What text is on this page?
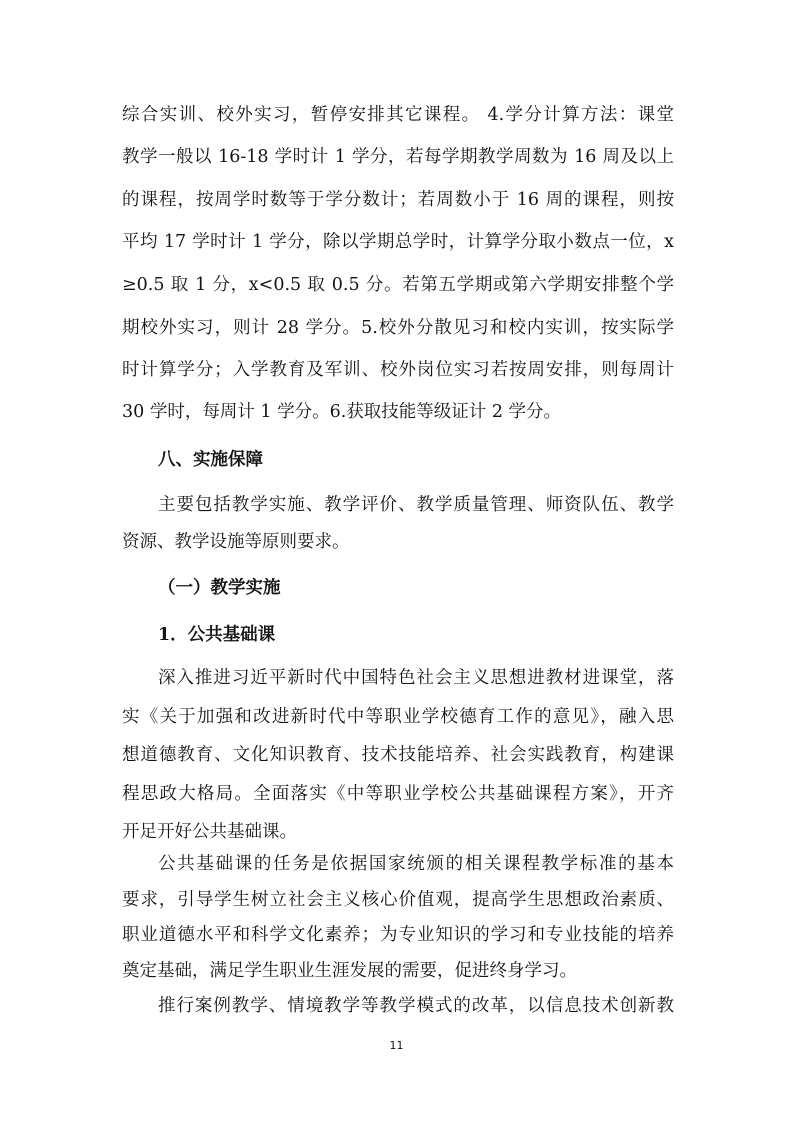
综合实训、校外实习，暂停安排其它课程。 4.学分计算方法：课堂
教学一般以 16-18 学时计 1 学分，若每学期教学周数为 16 周及以上
的课程，按周学时数等于学分数计；若周数小于 16 周的课程，则按
平均 17 学时计 1 学分，除以学期总学时，计算学分取小数点一位，x
≥0.5 取 1 分，x<0.5 取 0.5 分。若第五学期或第六学期安排整个学
期校外实习，则计 28 学分。5.校外分散见习和校内实训，按实际学
时计算学分；入学教育及军训、校外岗位实习若按周安排，则每周计
30 学时，每周计 1 学分。6.获取技能等级证计 2 学分。
八、实施保障
主要包括教学实施、教学评价、教学质量管理、师资队伍、教学
资源、教学设施等原则要求。
（一）教学实施
1．公共基础课
深入推进习近平新时代中国特色社会主义思想进教材进课堂，落
实《关于加强和改进新时代中等职业学校德育工作的意见》，融入思
想道德教育、文化知识教育、技术技能培养、社会实践教育，构建课
程思政大格局。全面落实《中等职业学校公共基础课程方案》，开齐
开足开好公共基础课。
公共基础课的任务是依据国家统颁的相关课程教学标准的基本
要求，引导学生树立社会主义核心价值观，提高学生思想政治素质、
职业道德水平和科学文化素养；为专业知识的学习和专业技能的培养
奠定基础，满足学生职业生涯发展的需要，促进终身学习。
推行案例教学、情境教学等教学模式的改革，以信息技术创新教
11
